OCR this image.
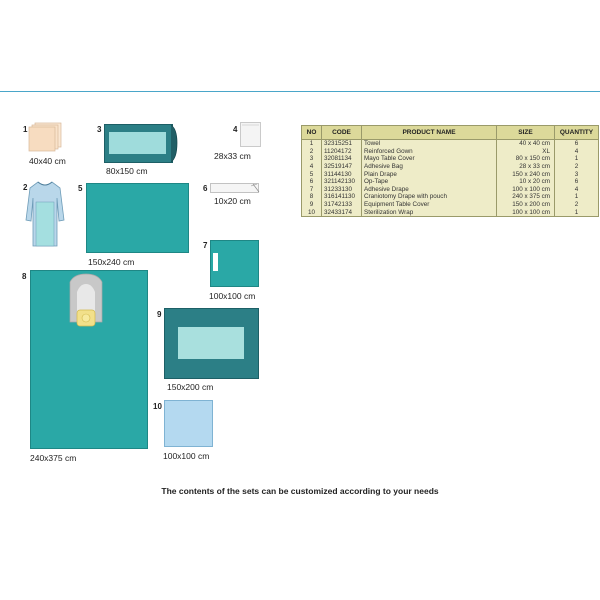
1
40x40 cm
2
3
80x150 cm
4
28x33 cm
5
150x240 cm
6
10x20 cm
7
100x100 cm
8
240x375 cm
9
150x200 cm
10
100x100 cm
NO	CODE	PRODUCT NAME	SIZE	QUANTITY
1	32315251	Towel	40 x 40 cm	6
2	11204172	Reinforced Gown	XL	4
3	32081134	Mayo Table Cover	80 x 150 cm	1
4	32519147	Adhesive Bag	28 x 33 cm	2
5	31144130	Plain Drape	150 x 240 cm	3
6	321142130	Op-Tape	10 x 20 cm	6
7	31233130	Adhesive Drape	100 x 100 cm	4
8	316141130	Craniotomy Drape with pouch	240 x 375 cm	1
9	31742133	Equipment Table Cover	150 x 200 cm	2
10	32433174	Sterilization Wrap	100 x 100 cm	1
The contents of the sets can be customized according to your needs
